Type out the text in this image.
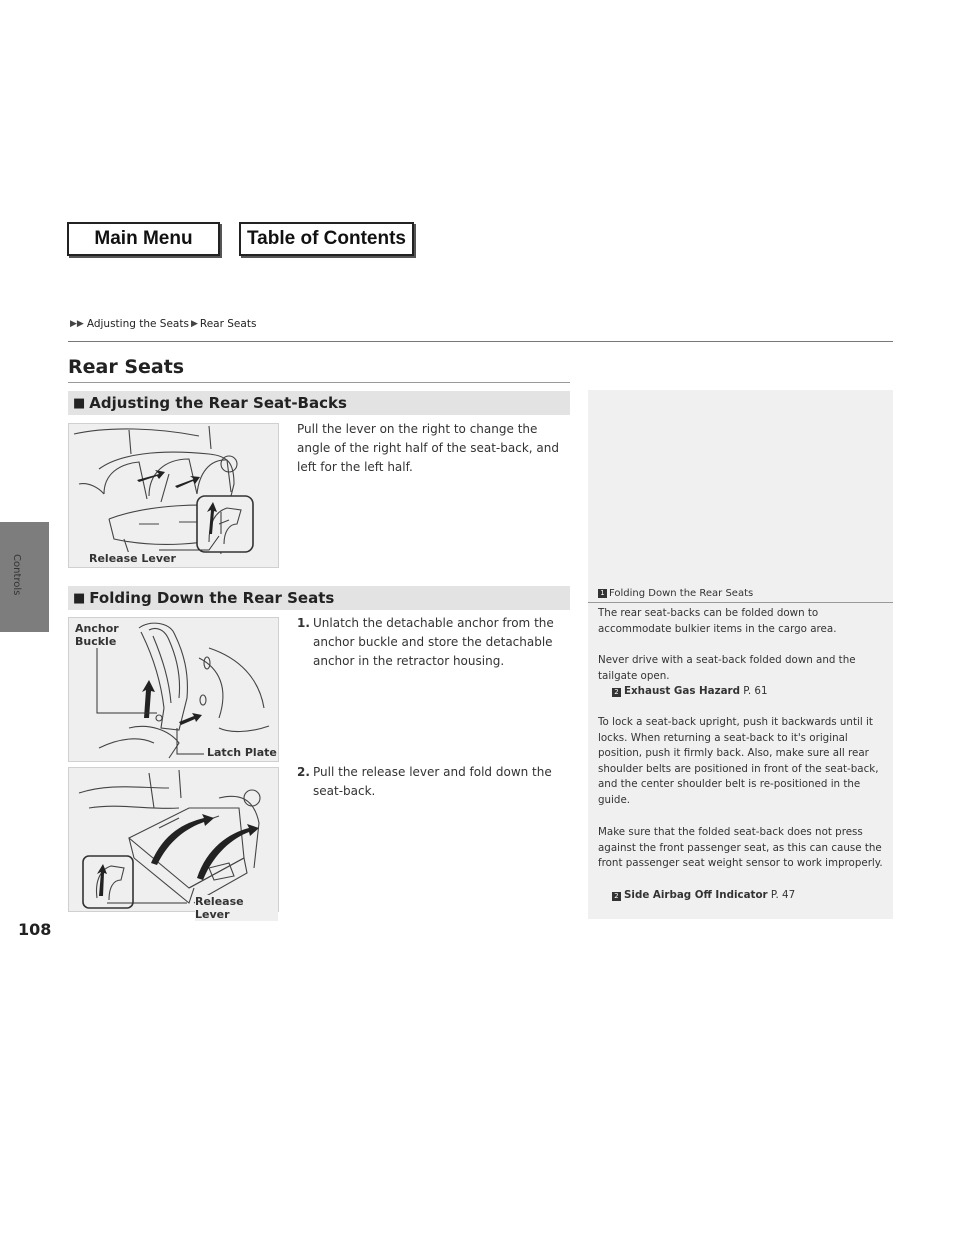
Main Menu	Table of Contents
▶▶ Adjusting the Seats ▶ Rear Seats
Rear Seats
■ Adjusting the Rear Seat-Backs
Release Lever
Pull the lever on the right to change the angle of the right half of the seat-back, and left for the left half.
■ Folding Down the Rear Seats
Anchor
Buckle
Latch Plate
1. Unlatch the detachable anchor from the anchor buckle and store the detachable anchor in the retractor housing.
Release Lever
2. Pull the release lever and fold down the seat-back.
1 Folding Down the Rear Seats
The rear seat-backs can be folded down to accommodate bulkier items in the cargo area.
Never drive with a seat-back folded down and the tailgate open.
2 Exhaust Gas Hazard P. 61
To lock a seat-back upright, push it backwards until it locks. When returning a seat-back to it's original position, push it firmly back. Also, make sure all rear shoulder belts are positioned in front of the seat-back, and the center shoulder belt is re-positioned in the guide.
Make sure that the folded seat-back does not press against the front passenger seat, as this can cause the front passenger seat weight sensor to work improperly.
2 Side Airbag Off Indicator P. 47
Controls
108
